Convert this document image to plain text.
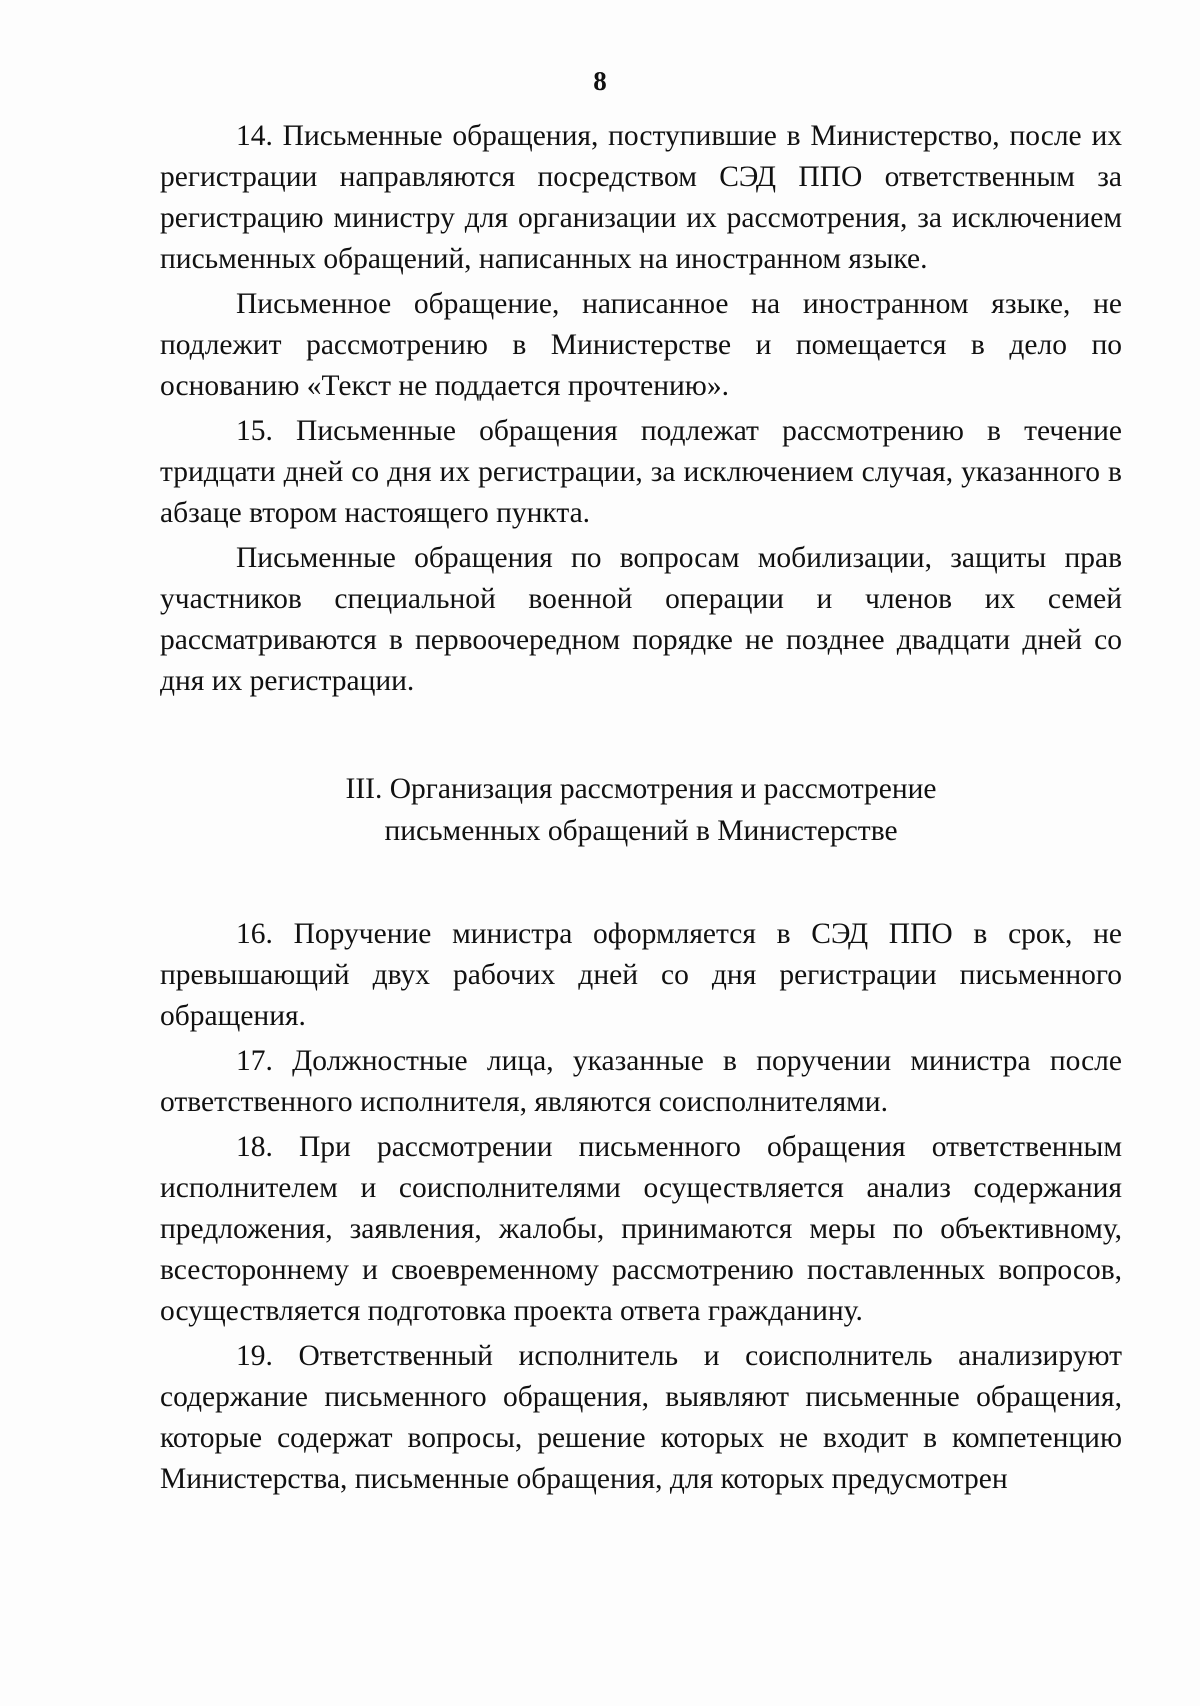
8

14. Письменные обращения, поступившие в Министерство, после их регистрации направляются посредством СЭД ППО ответственным за регистрацию министру для организации их рассмотрения, за исключением письменных обращений, написанных на иностранном языке.

Письменное обращение, написанное на иностранном языке, не подлежит рассмотрению в Министерстве и помещается в дело по основанию «Текст не поддается прочтению».

15. Письменные обращения подлежат рассмотрению в течение тридцати дней со дня их регистрации, за исключением случая, указанного в абзаце втором настоящего пункта.

Письменные обращения по вопросам мобилизации, защиты прав участников специальной военной операции и членов их семей рассматриваются в первоочередном порядке не позднее двадцати дней со дня их регистрации.

III. Организация рассмотрения и рассмотрение
письменных обращений в Министерстве

16. Поручение министра оформляется в СЭД ППО в срок, не превышающий двух рабочих дней со дня регистрации письменного обращения.

17. Должностные лица, указанные в поручении министра после ответственного исполнителя, являются соисполнителями.

18. При рассмотрении письменного обращения ответственным исполнителем и соисполнителями осуществляется анализ содержания предложения, заявления, жалобы, принимаются меры по объективному, всестороннему и своевременному рассмотрению поставленных вопросов, осуществляется подготовка проекта ответа гражданину.

19. Ответственный исполнитель и соисполнитель анализируют содержание письменного обращения, выявляют письменные обращения, которые содержат вопросы, решение которых не входит в компетенцию Министерства, письменные обращения, для которых предусмотрен
